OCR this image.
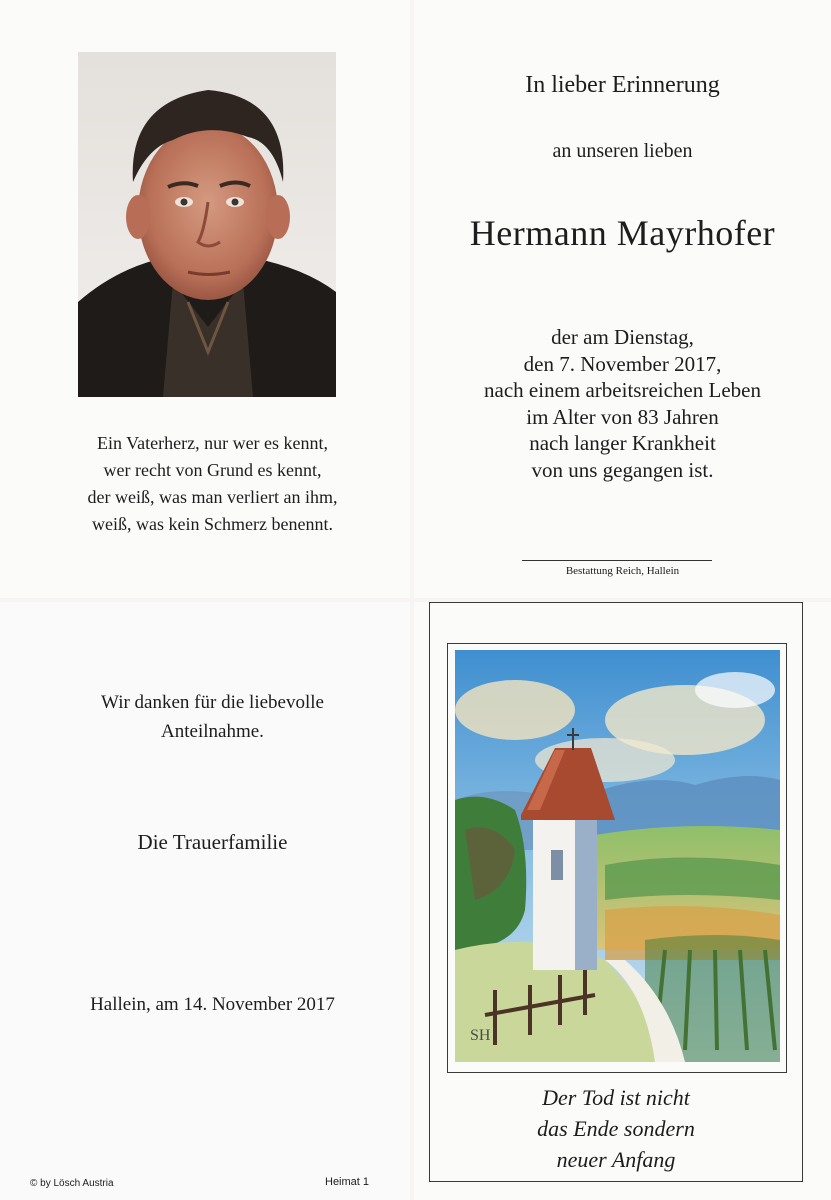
Ein Vaterherz, nur wer es kennt,
wer recht von Grund es kennt,
der weiß, was man verliert an ihm,
weiß, was kein Schmerz benennt.
In lieber Erinnerung
an unseren lieben
Hermann Mayrhofer
der am Dienstag,
den 7. November 2017,
nach einem arbeitsreichen Leben
im Alter von 83 Jahren
nach langer Krankheit
von uns gegangen ist.
Bestattung Reich, Hallein
Wir danken für die liebevolle
Anteilnahme.
Die Trauerfamilie
Hallein, am 14. November 2017
© by Lösch Austria	Heimat 1
SH
Der Tod ist nicht
das Ende sondern
neuer Anfang
